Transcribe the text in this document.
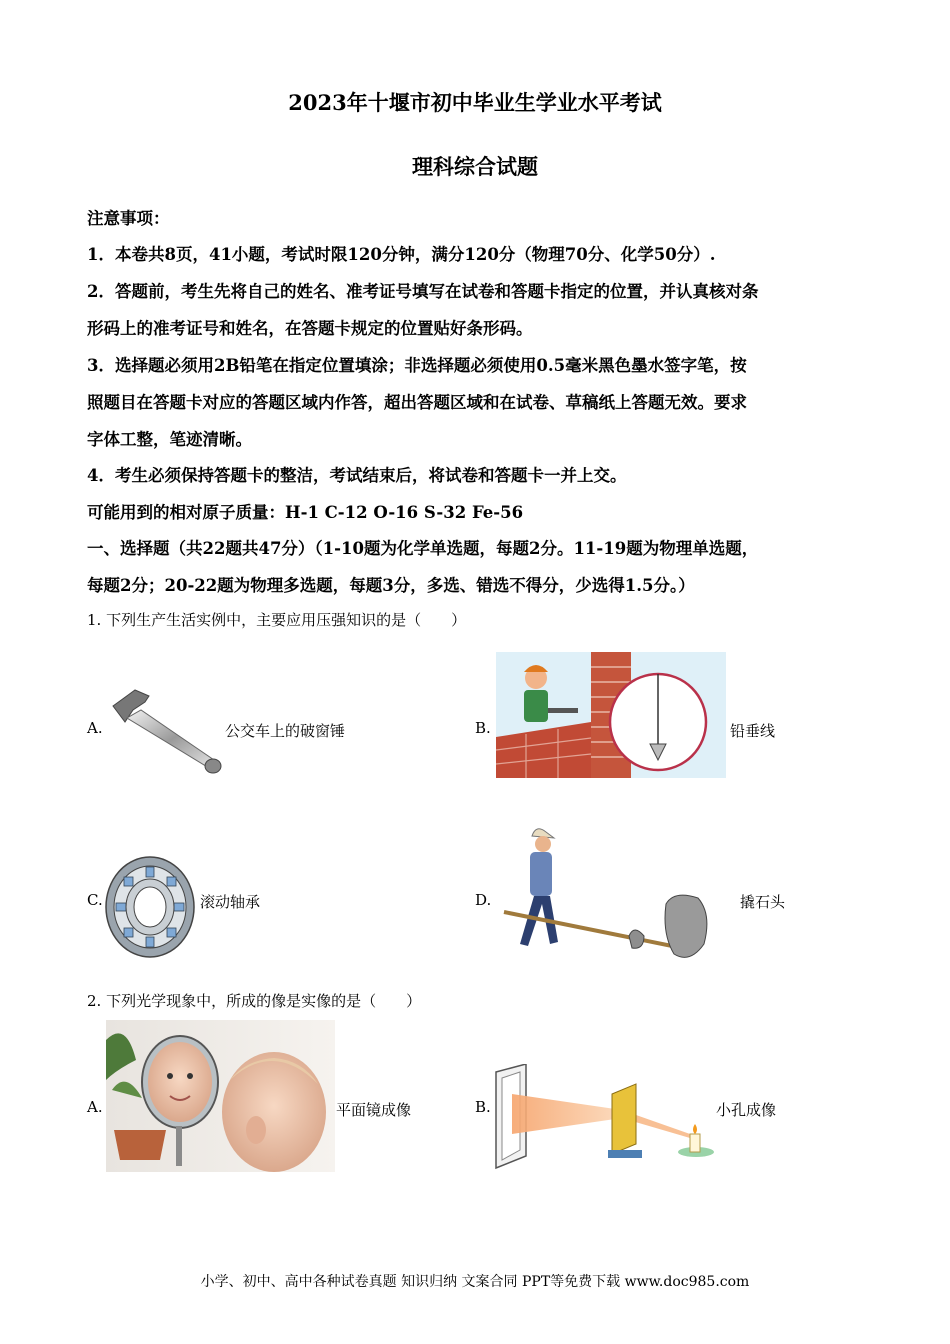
2023年十堰市初中毕业生学业水平考试
理科综合试题
注意事项：
1．本卷共8页，41小题，考试时限120分钟，满分120分（物理70分、化学50分）.
2．答题前，考生先将自己的姓名、准考证号填写在试卷和答题卡指定的位置，并认真核对条
形码上的准考证号和姓名，在答题卡规定的位置贴好条形码。
3．选择题必须用2B铅笔在指定位置填涂；非选择题必须使用0.5毫米黑色墨水签字笔，按
照题目在答题卡对应的答题区域内作答，超出答题区域和在试卷、草稿纸上答题无效。要求
字体工整，笔迹清晰。
4．考生必须保持答题卡的整洁，考试结束后，将试卷和答题卡一并上交。
可能用到的相对原子质量：H-1 C-12 O-16 S-32 Fe-56
一、选择题（共22题共47分）（1-10题为化学单选题，每题2分。11-19题为物理单选题，
每题2分；20-22题为物理多选题，每题3分，多选、错选不得分，少选得1.5分。）
1. 下列生产生活实例中，主要应用压强知识的是（　　）
A.	公交车上的破窗锤	B.	铅垂线
C.	滚动轴承	D.	撬石头
2. 下列光学现象中，所成的像是实像的是（　　）
A.	平面镜成像	B.	小孔成像
小学、初中、高中各种试卷真题 知识归纳 文案合同 PPT等免费下载 www.doc985.com
